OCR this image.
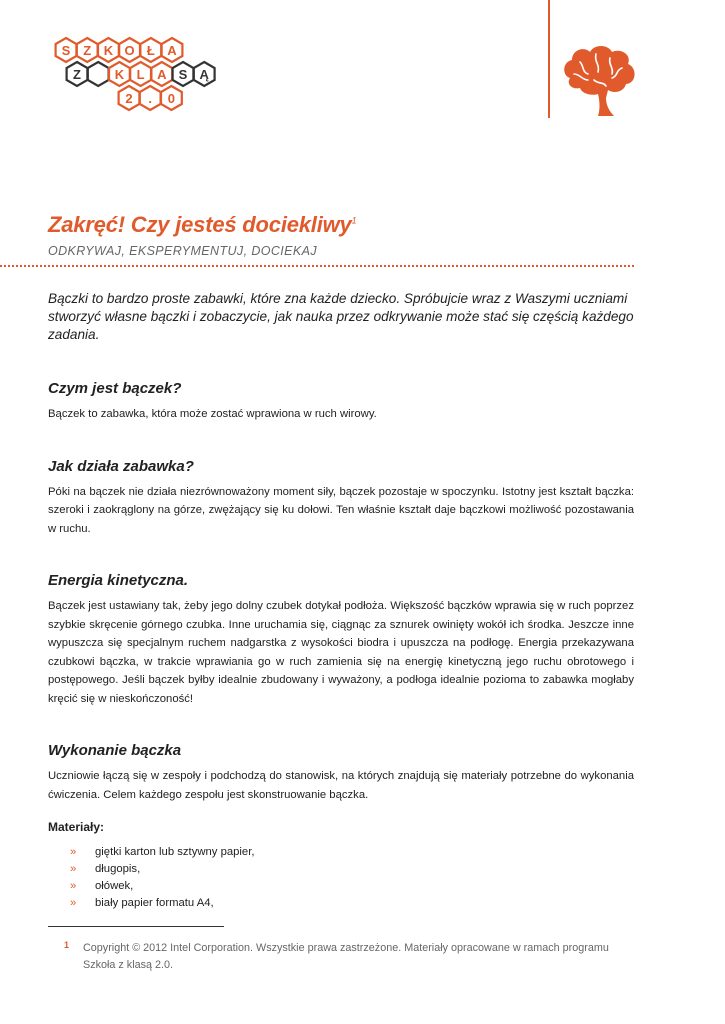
S Z K O Ł A
Z	K L A S Ą
2 . 0
Zakręć! Czy jesteś dociekliwy$^1$
ODKRYWAJ, EKSPERYMENTUJ, DOCIEKAJ

Bączki to bardzo proste zabawki, które zna każde dziecko. Spróbujcie wraz z Waszymi uczniami stworzyć własne bączki i zobaczycie, jak nauka przez odkrywanie może stać się częścią każdego zadania.

Czym jest bączek?

Bączek to zabawka, która może zostać wprawiona w ruch wirowy.

Jak działa zabawka?

Póki na bączek nie działa niezrównoważony moment siły, bączek pozostaje w spoczynku. Istotny jest kształt bączka: szeroki i zaokrąglony na górze, zwężający się ku dołowi. Ten właśnie kształt daje bączkowi możliwość pozostawania w ruchu.

Energia kinetyczna.

Bączek jest ustawiany tak, żeby jego dolny czubek dotykał podłoża. Większość bączków wprawia się w ruch poprzez szybkie skręcenie górnego czubka. Inne uruchamia się, ciągnąc za sznurek owinięty wokół ich środka. Jeszcze inne wypuszcza się specjalnym ruchem nadgarstka z wysokości biodra i upuszcza na podłogę. Energia przekazywana czubkowi bączka, w trakcie wprawiania go w ruch zamienia się na energię kinetyczną jego ruchu obrotowego i postępowego. Jeśli bączek byłby idealnie zbudowany i wyważony, a podłoga idealnie pozioma to zabawka mogłaby kręcić się w nieskończoność!

Wykonanie bączka

Uczniowie łączą się w zespoły i podchodzą do stanowisk, na których znajdują się materiały potrzebne do wykonania ćwiczenia. Celem każdego zespołu jest skonstruowanie bączka.

Materiały:
» giętki karton lub sztywny papier,
» długopis,
» ołówek,
» biały papier formatu A4,
1 Copyright © 2012 Intel Corporation. Wszystkie prawa zastrzeżone. Materiały opracowane w ramach programu Szkoła z klasą 2.0.
